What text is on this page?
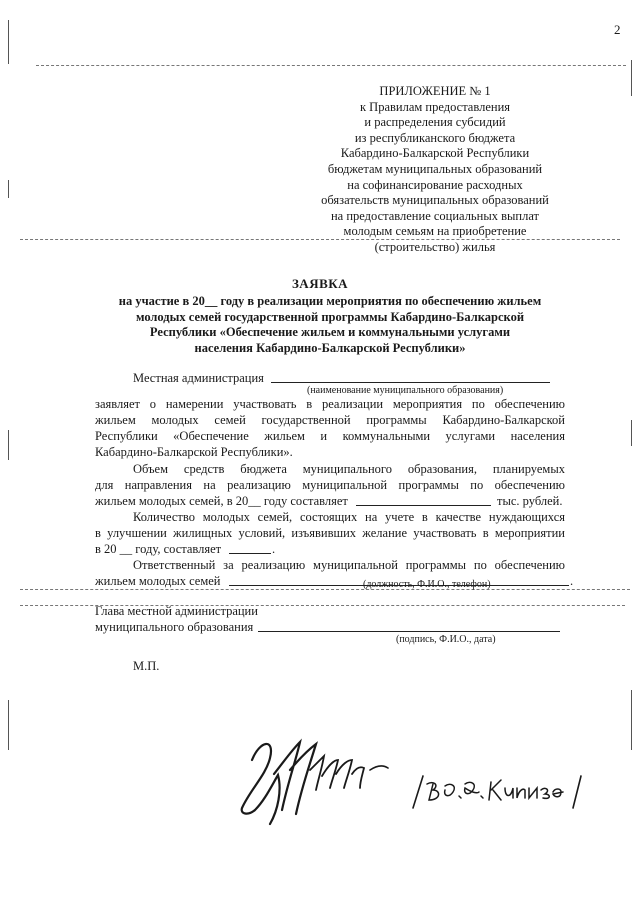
2
ПРИЛОЖЕНИЕ № 1
к Правилам предоставления
и распределения субсидий
из республиканского бюджета
Кабардино-Балкарской Республики
бюджетам муниципальных образований
на софинансирование расходных
обязательств муниципальных образований
на предоставление социальных выплат
молодым семьям на приобретение
(строительство) жилья
ЗАЯВКА
на участие в 20__ году в реализации мероприятия по обеспечению жильем
молодых семей государственной программы Кабардино-Балкарской
Республики «Обеспечение жильем и коммунальными услугами
населения Кабардино-Балкарской Республики»
Местная администрация
(наименование муниципального образования)
заявляет о намерении участвовать в реализации мероприятия по обеспечению
жильем молодых семей государственной программы Кабардино-Балкарской
Республики «Обеспечение жильем и коммунальными услугами населения
Кабардино-Балкарской Республики».
Объем средств бюджета муниципального образования, планируемых
для направления на реализацию муниципальной программы по обеспечению
жильем молодых семей, в 20__ году составляет	тыс. рублей.
Количество молодых семей, состоящих на учете в качестве нуждающихся
в улучшении жилищных условий, изъявивших желание участвовать в мероприятии
в 20 __ году, составляет	.
Ответственный за реализацию муниципальной программы по обеспечению
жильем молодых семей	.
(должность, Ф.И.О., телефон)
Глава местной администрации
муниципального образования
(подпись, Ф.И.О., дата)
М.П.
